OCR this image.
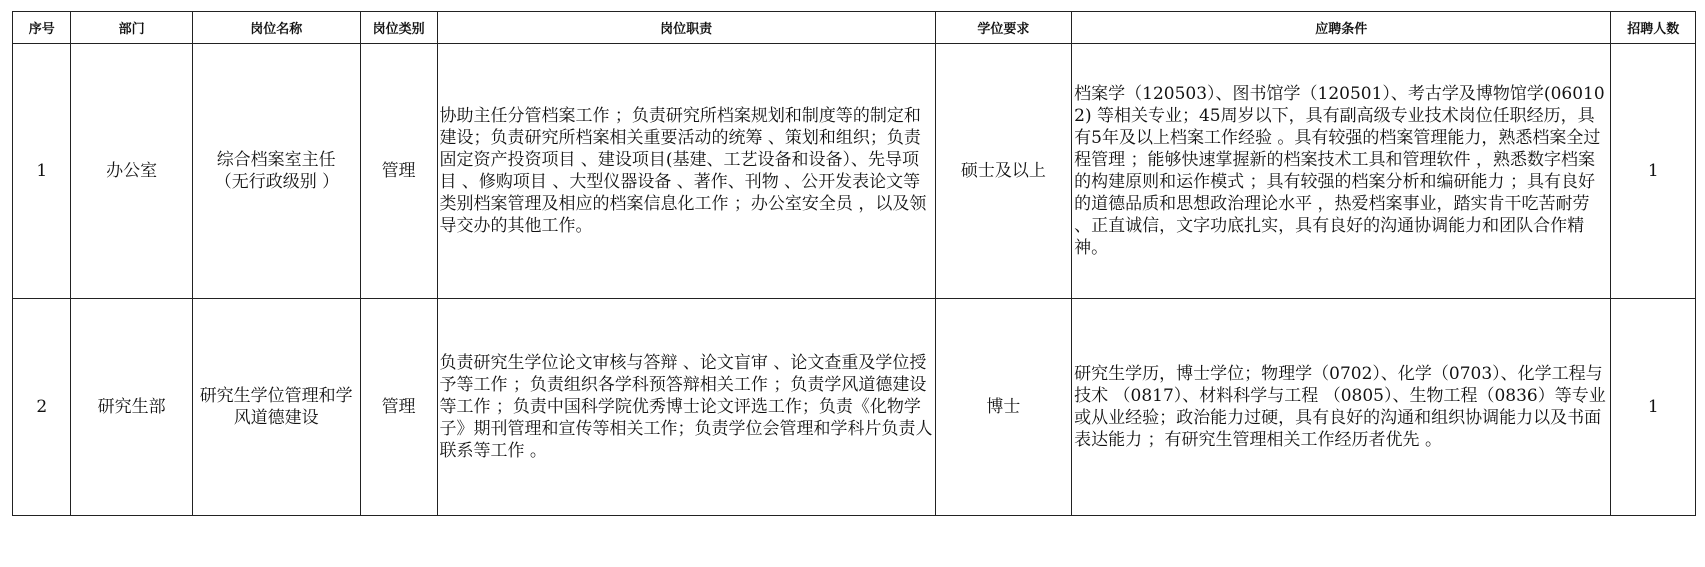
序号	部门	岗位名称	岗位类别	岗位职责	学位要求	应聘条件	招聘人数
1	办公室	综合档案室主任（无行政级别 ）	管理	协助主任分管档案工作 ；负责研究所档案规划和制度等的制定和建设；负责研究所档案相关重要活动的统筹 、策划和组织；负责固定资产投资项目 、建设项目(基建、工艺设备和设备）、先导项目 、修购项目 、大型仪器设备 、著作、刊物 、公开发表论文等类别档案管理及相应的档案信息化工作 ；办公室安全员 ，以及领导交办的其他工作。	硕士及以上	档案学（120503）、图书馆学（120501）、考古学及博物馆学(060102) 等相关专业；45周岁以下，具有副高级专业技术岗位任职经历，具有5年及以上档案工作经验 。具有较强的档案管理能力，熟悉档案全过程管理 ；能够快速掌握新的档案技术工具和管理软件 ，熟悉数字档案的构建原则和运作模式 ；具有较强的档案分析和编研能力 ；具有良好的道德品质和思想政治理论水平 ，热爱档案事业，踏实肯干吃苦耐劳 、正直诚信，文字功底扎实，具有良好的沟通协调能力和团队合作精神。	1
2	研究生部	研究生学位管理和学风道德建设	管理	负责研究生学位论文审核与答辩 、论文盲审 、论文查重及学位授予等工作 ；负责组织各学科预答辩相关工作 ；负责学风道德建设等工作 ；负责中国科学院优秀博士论文评选工作；负责《化物学子》期刊管理和宣传等相关工作；负责学位会管理和学科片负责人联系等工作 。	博士	研究生学历，博士学位；物理学（0702）、化学（0703）、化学工程与技术 （0817）、材料科学与工程 （0805）、生物工程（0836）等专业或从业经验；政治能力过硬，具有良好的沟通和组织协调能力以及书面表达能力 ；有研究生管理相关工作经历者优先 。	1
